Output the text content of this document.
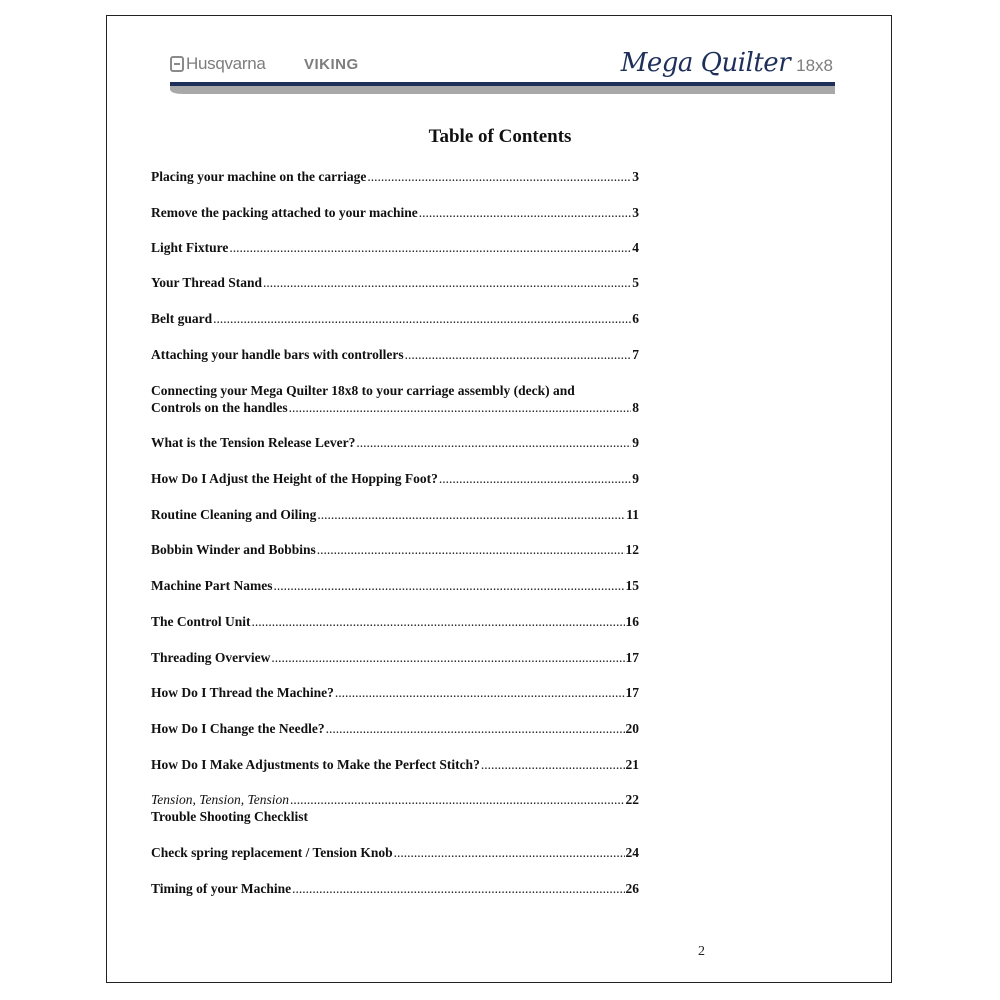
Husqvarna	VIKING	Mega Quilter 18x8
Table of Contents
Placing your machine on the carriage .....	3
Remove the packing attached to your machine .....	3
Light Fixture .....	4
Your Thread Stand .....	5
Belt guard .....	6
Attaching your handle bars with controllers .....	7
Connecting your Mega Quilter 18x8 to your carriage assembly (deck) and
Controls on the handles .....	8
What is the Tension Release Lever? .....	9
How Do I Adjust the Height of the Hopping Foot? .....	9
Routine Cleaning and Oiling .....	11
Bobbin Winder and Bobbins .....	12
Machine Part Names .....	15
The Control Unit .....	16
Threading Overview .....	17
How Do I Thread the Machine? .....	17
How Do I Change the Needle? .....	20
How Do I Make Adjustments to Make the Perfect Stitch? .....	21
Tension, Tension, Tension .....	22
Trouble Shooting Checklist
Check spring replacement / Tension Knob .....	24
Timing of your Machine .....	26
2
